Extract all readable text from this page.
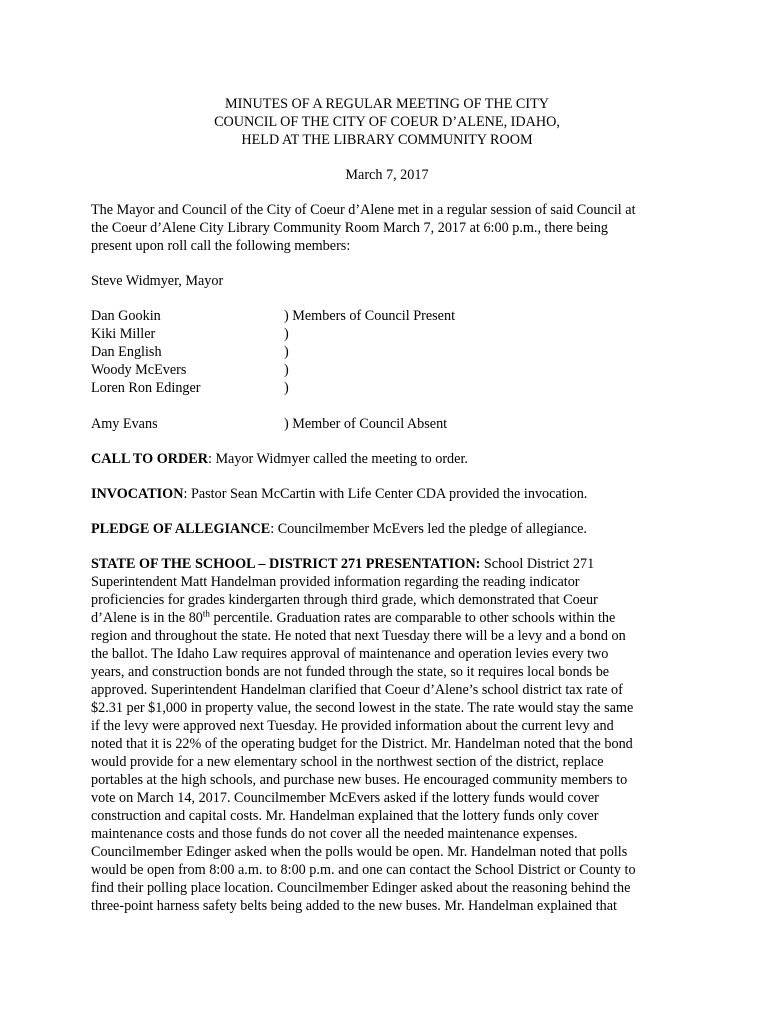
MINUTES OF A REGULAR MEETING OF THE CITY
COUNCIL OF THE CITY OF COEUR D’ALENE, IDAHO,
HELD AT THE LIBRARY COMMUNITY ROOM
March 7, 2017
The Mayor and Council of the City of Coeur d’Alene met in a regular session of said Council at
the Coeur d’Alene City Library Community Room March 7, 2017 at 6:00 p.m., there being
present upon roll call the following members:
Steve Widmyer, Mayor
Dan Gookin	) Members of Council Present
Kiki Miller	)
Dan English	)
Woody McEvers	)
Loren Ron Edinger	)
Amy Evans	) Member of Council Absent
CALL TO ORDER: Mayor Widmyer called the meeting to order.
INVOCATION: Pastor Sean McCartin with Life Center CDA provided the invocation.
PLEDGE OF ALLEGIANCE: Councilmember McEvers led the pledge of allegiance.
STATE OF THE SCHOOL – DISTRICT 271 PRESENTATION: School District 271
Superintendent Matt Handelman provided information regarding the reading indicator
proficiencies for grades kindergarten through third grade, which demonstrated that Coeur
d’Alene is in the 80th percentile. Graduation rates are comparable to other schools within the
region and throughout the state. He noted that next Tuesday there will be a levy and a bond on
the ballot. The Idaho Law requires approval of maintenance and operation levies every two
years, and construction bonds are not funded through the state, so it requires local bonds be
approved. Superintendent Handelman clarified that Coeur d’Alene’s school district tax rate of
$2.31 per $1,000 in property value, the second lowest in the state. The rate would stay the same
if the levy were approved next Tuesday. He provided information about the current levy and
noted that it is 22% of the operating budget for the District. Mr. Handelman noted that the bond
would provide for a new elementary school in the northwest section of the district, replace
portables at the high schools, and purchase new buses. He encouraged community members to
vote on March 14, 2017. Councilmember McEvers asked if the lottery funds would cover
construction and capital costs. Mr. Handelman explained that the lottery funds only cover
maintenance costs and those funds do not cover all the needed maintenance expenses.
Councilmember Edinger asked when the polls would be open. Mr. Handelman noted that polls
would be open from 8:00 a.m. to 8:00 p.m. and one can contact the School District or County to
find their polling place location. Councilmember Edinger asked about the reasoning behind the
three-point harness safety belts being added to the new buses. Mr. Handelman explained that
